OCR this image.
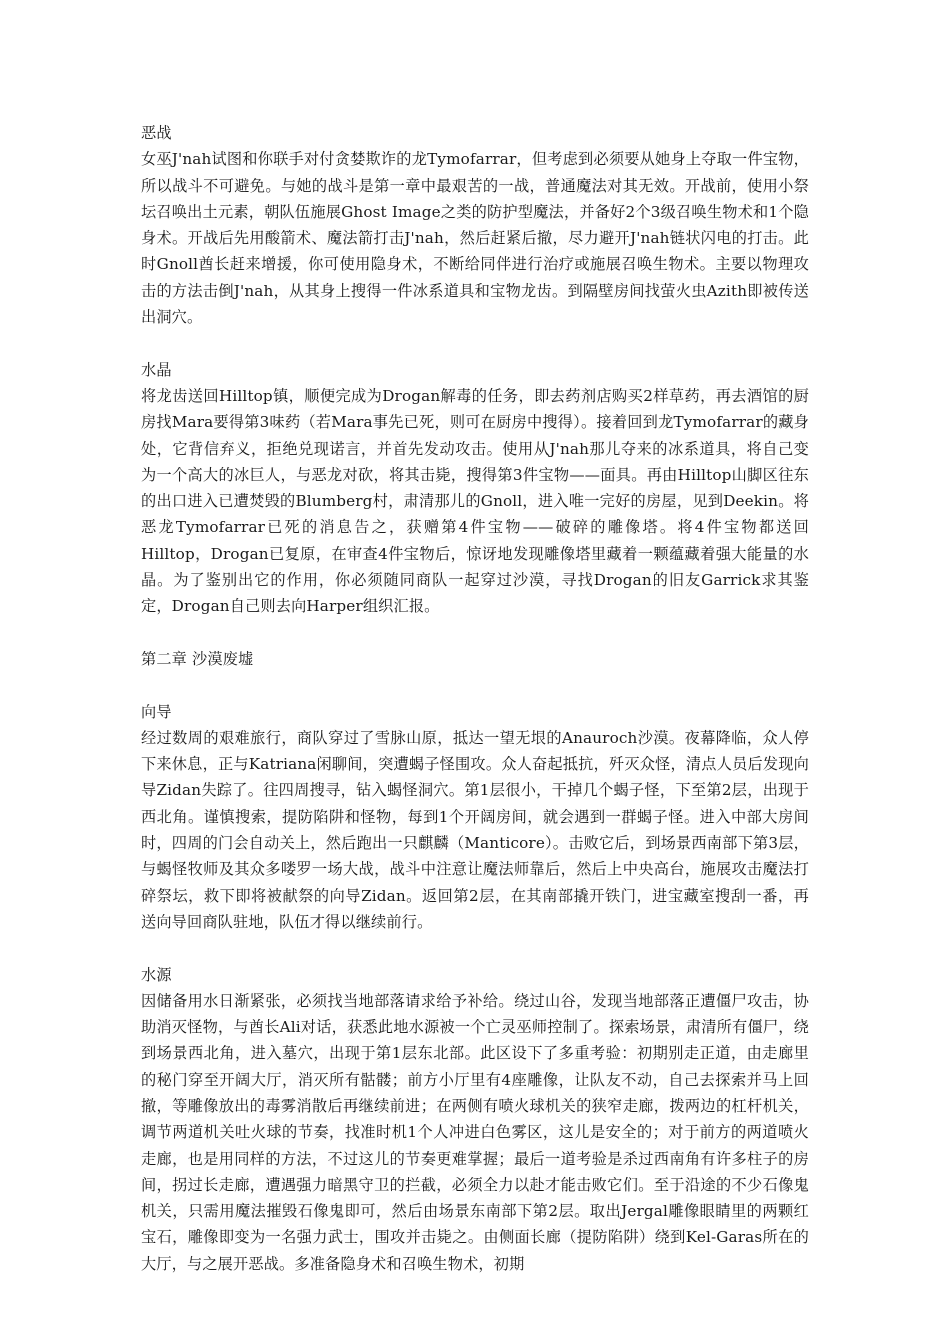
恶战

女巫J'nah试图和你联手对付贪婪欺诈的龙Tymofarrar，但考虑到必须要从她身上夺取一件宝物，所以战斗不可避免。与她的战斗是第一章中最艰苦的一战，普通魔法对其无效。开战前，使用小祭坛召唤出土元素，朝队伍施展Ghost Image之类的防护型魔法，并备好2个3级召唤生物术和1个隐身术。开战后先用酸箭术、魔法箭打击J'nah，然后赶紧后撤，尽力避开J'nah链状闪电的打击。此时Gnoll酋长赶来增援，你可使用隐身术，不断给同伴进行治疗或施展召唤生物术。主要以物理攻击的方法击倒J'nah，从其身上搜得一件冰系道具和宝物龙齿。到隔壁房间找萤火虫Azith即被传送出洞穴。

水晶

将龙齿送回Hilltop镇，顺便完成为Drogan解毒的任务，即去药剂店购买2样草药，再去酒馆的厨房找Mara要得第3味药（若Mara事先已死，则可在厨房中搜得）。接着回到龙Tymofarrar的藏身处，它背信弃义，拒绝兑现诺言，并首先发动攻击。使用从J'nah那儿夺来的冰系道具，将自己变为一个高大的冰巨人，与恶龙对砍，将其击毙，搜得第3件宝物——面具。再由Hilltop山脚区往东的出口进入已遭焚毁的Blumberg村，肃清那儿的Gnoll，进入唯一完好的房屋，见到Deekin。将恶龙Tymofarrar已死的消息告之，获赠第4件宝物——破碎的雕像塔。将4件宝物都送回Hilltop，Drogan已复原，在审查4件宝物后，惊讶地发现雕像塔里藏着一颗蕴藏着强大能量的水晶。为了鉴别出它的作用，你必须随同商队一起穿过沙漠，寻找Drogan的旧友Garrick求其鉴定，Drogan自己则去向Harper组织汇报。

第二章 沙漠废墟

向导

经过数周的艰难旅行，商队穿过了雪脉山原，抵达一望无垠的Anauroch沙漠。夜幕降临，众人停下来休息，正与Katriana闲聊间，突遭蝎子怪围攻。众人奋起抵抗，歼灭众怪，清点人员后发现向导Zidan失踪了。往四周搜寻，钻入蝎怪洞穴。第1层很小，干掉几个蝎子怪，下至第2层，出现于西北角。谨慎搜索，提防陷阱和怪物，每到1个开阔房间，就会遇到一群蝎子怪。进入中部大房间时，四周的门会自动关上，然后跑出一只麒麟（Manticore）。击败它后，到场景西南部下第3层，与蝎怪牧师及其众多喽罗一场大战，战斗中注意让魔法师靠后，然后上中央高台，施展攻击魔法打碎祭坛，救下即将被献祭的向导Zidan。返回第2层，在其南部撬开铁门，进宝藏室搜刮一番，再送向导回商队驻地，队伍才得以继续前行。

水源

因储备用水日渐紧张，必须找当地部落请求给予补给。绕过山谷，发现当地部落正遭僵尸攻击，协助消灭怪物，与酋长Ali对话，获悉此地水源被一个亡灵巫师控制了。探索场景，肃清所有僵尸，绕到场景西北角，进入墓穴，出现于第1层东北部。此区设下了多重考验：初期别走正道，由走廊里的秘门穿至开阔大厅，消灭所有骷髅；前方小厅里有4座雕像，让队友不动，自己去探索并马上回撤，等雕像放出的毒雾消散后再继续前进；在两侧有喷火球机关的狭窄走廊，拨两边的杠杆机关，调节两道机关吐火球的节奏，找准时机1个人冲进白色雾区，这儿是安全的；对于前方的两道喷火走廊，也是用同样的方法，不过这儿的节奏更难掌握；最后一道考验是杀过西南角有许多柱子的房间，拐过长走廊，遭遇强力暗黑守卫的拦截，必须全力以赴才能击败它们。至于沿途的不少石像鬼机关，只需用魔法摧毁石像鬼即可，然后由场景东南部下第2层。取出Jergal雕像眼睛里的两颗红宝石，雕像即变为一名强力武士，围攻并击毙之。由侧面长廊（提防陷阱）绕到Kel-Garas所在的大厅，与之展开恶战。多准备隐身术和召唤生物术，初期
